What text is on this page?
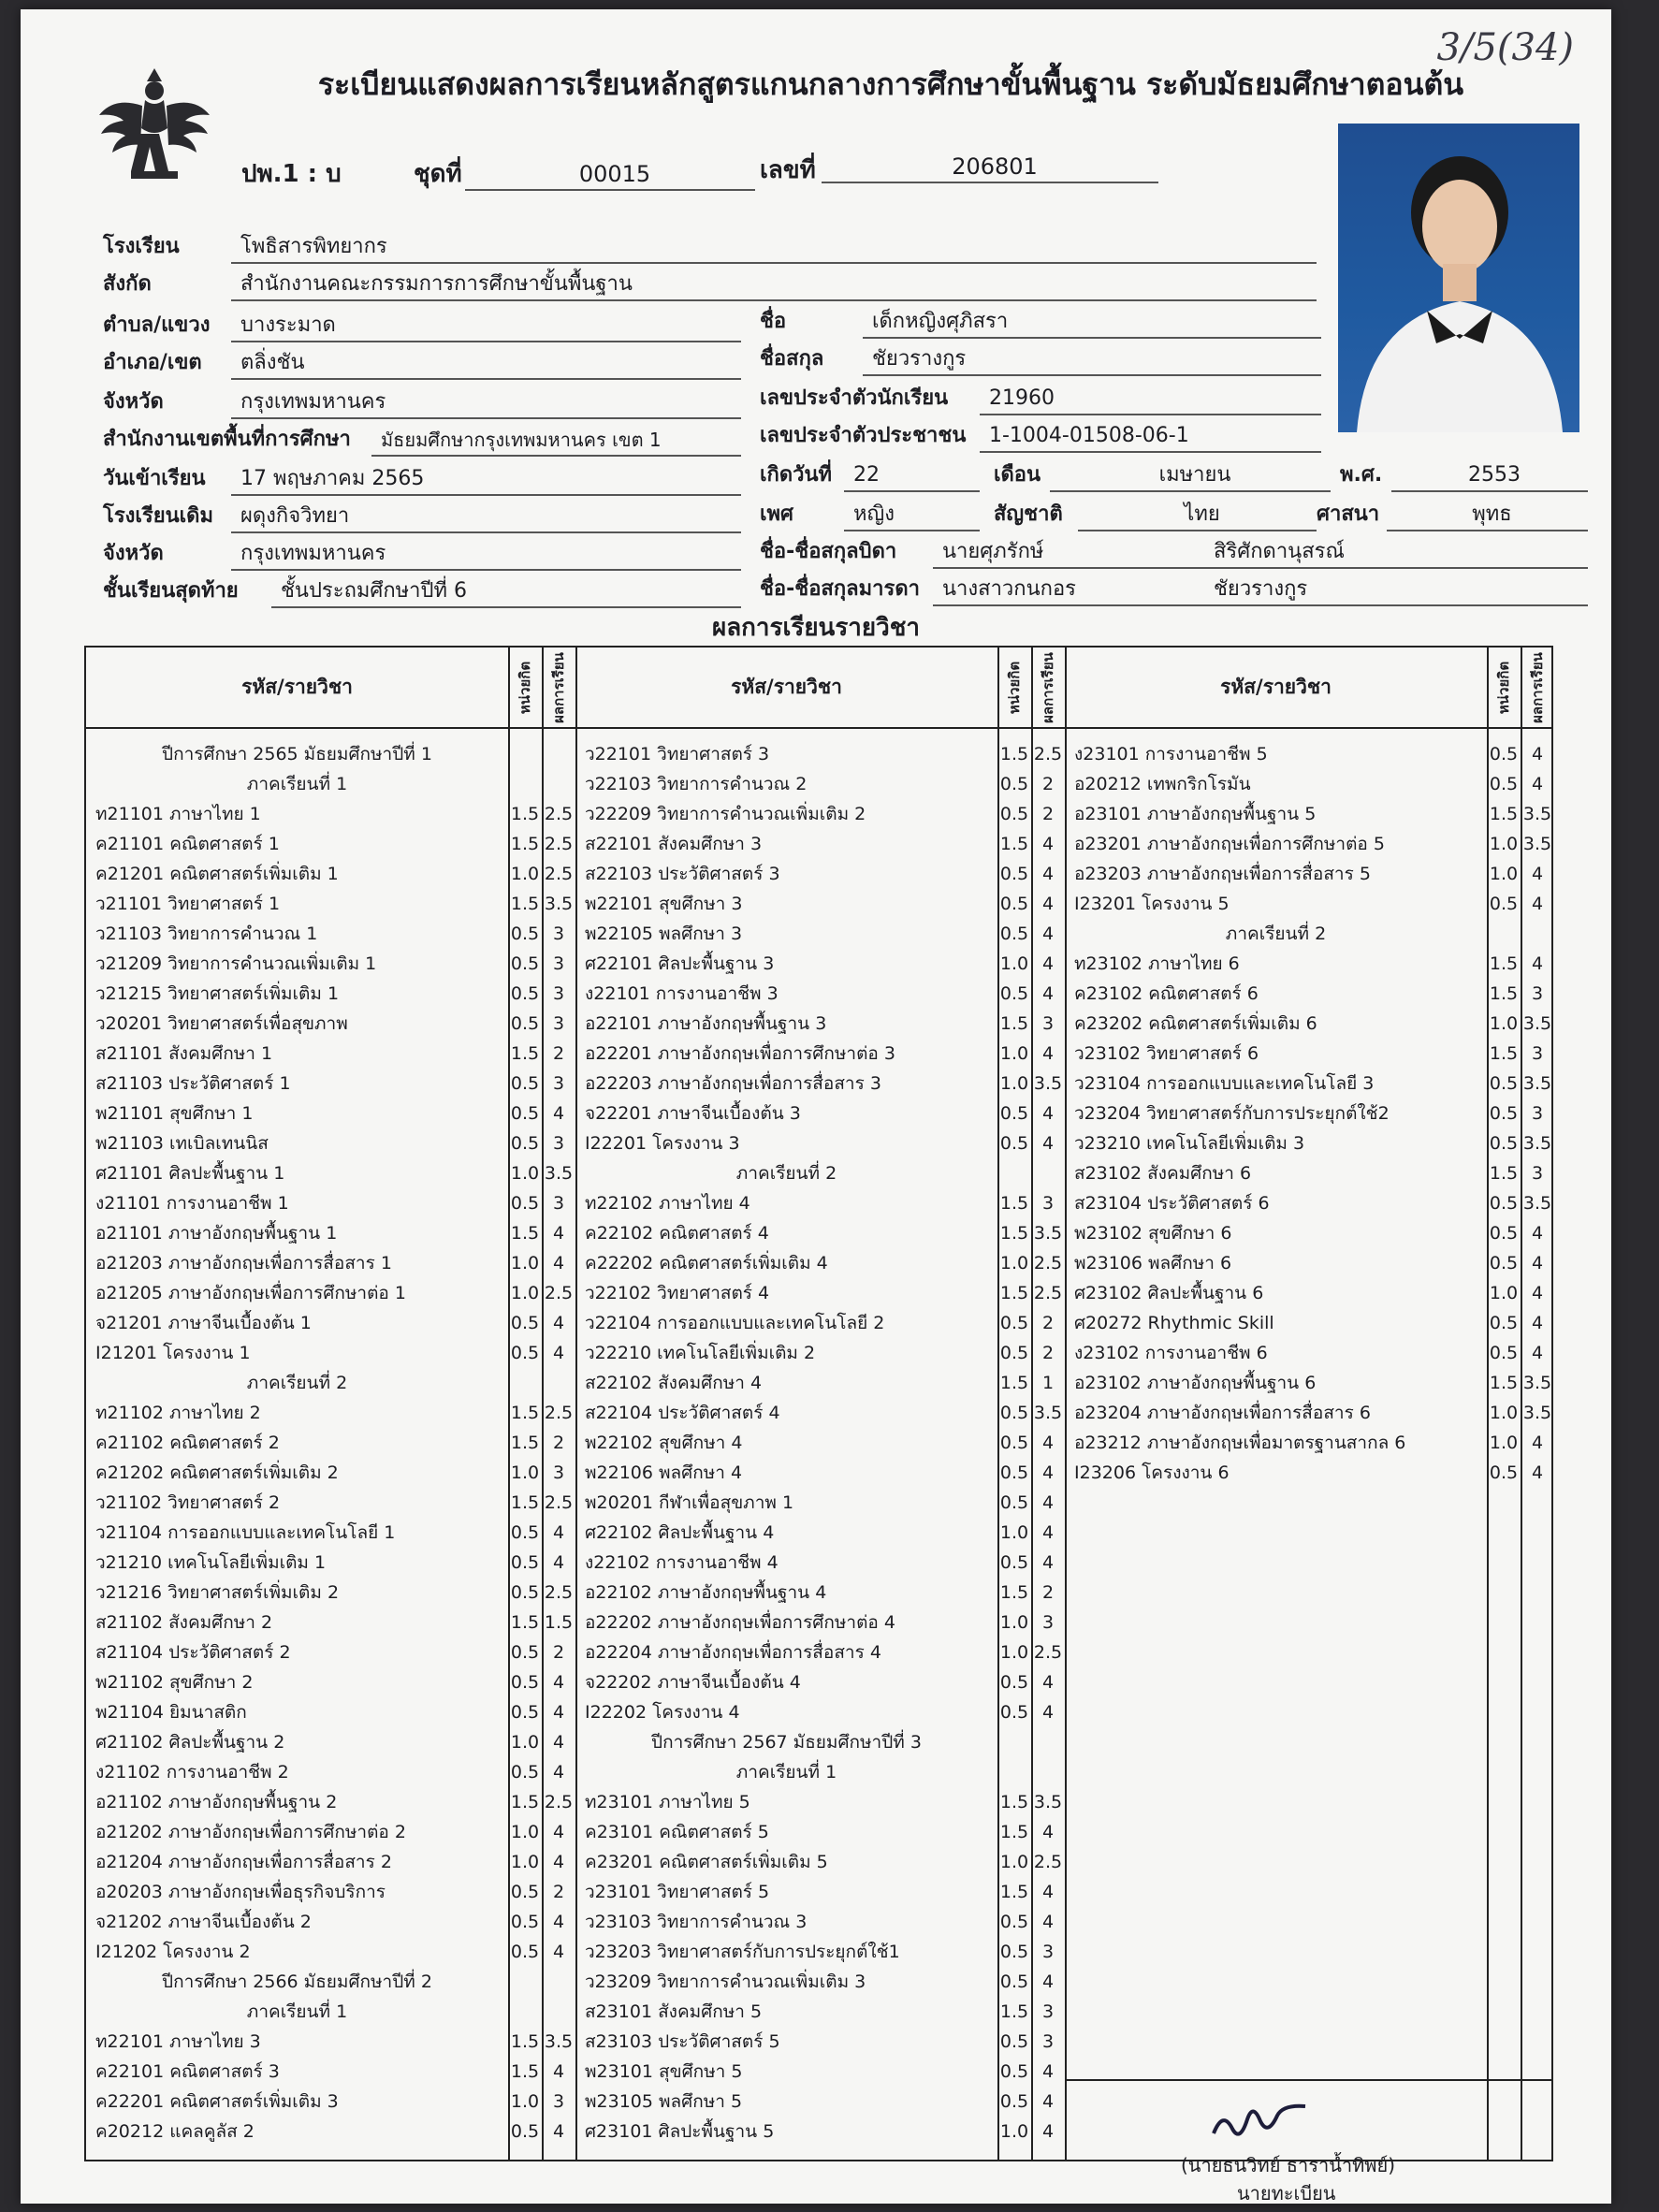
3/5(34)
ระเบียนแสดงผลการเรียนหลักสูตรแกนกลางการศึกษาขั้นพื้นฐาน ระดับมัธยมศึกษาตอนต้น
ปพ.1 : บ	ชุดที่	00015	เลขที่	206801
โรงเรียน	โพธิสารพิทยากร
สังกัด	สำนักงานคณะกรรมการการศึกษาขั้นพื้นฐาน
ตำบล/แขวง	บางระมาด
อำเภอ/เขต	ตลิ่งชัน
จังหวัด	กรุงเทพมหานคร
สำนักงานเขตพื้นที่การศึกษา	มัธยมศึกษากรุงเทพมหานคร เขต 1
วันเข้าเรียน	17 พฤษภาคม 2565
โรงเรียนเดิม	ผดุงกิจวิทยา
จังหวัด	กรุงเทพมหานคร
ชั้นเรียนสุดท้าย	ชั้นประถมศึกษาปีที่ 6
ชื่อ	เด็กหญิงศุภิสรา
ชื่อสกุล	ชัยวรางกูร
เลขประจำตัวนักเรียน	21960
เลขประจำตัวประชาชน	1-1004-01508-06-1
เกิดวันที่	22	เดือน	เมษายน	พ.ศ.	2553
เพศ	หญิง	สัญชาติ	ไทย	ศาสนา	พุทธ
ชื่อ-ชื่อสกุลบิดา	นายศุภรักษ์	สิริศักดานุสรณ์
ชื่อ-ชื่อสกุลมารดา	นางสาวกนกอร	ชัยวรางกูร
ผลการเรียนรายวิชา
รหัส/รายวิชา	หน่วยกิต ผลการเรียน
ปีการศึกษา 2565 มัธยมศึกษาปีที่ 1
ภาคเรียนที่ 1
ท21101 ภาษาไทย 1	1.5 2.5
ค21101 คณิตศาสตร์ 1	1.5 2.5
ค21201 คณิตศาสตร์เพิ่มเติม 1	1.0 2.5
ว21101 วิทยาศาสตร์ 1	1.5 3.5
ว21103 วิทยาการคำนวณ 1	0.5 3
ว21209 วิทยาการคำนวณเพิ่มเติม 1	0.5 3
ว21215 วิทยาศาสตร์เพิ่มเติม 1	0.5 3
ว20201 วิทยาศาสตร์เพื่อสุขภาพ	0.5 3
ส21101 สังคมศึกษา 1	1.5 2
ส21103 ประวัติศาสตร์ 1	0.5 3
พ21101 สุขศึกษา 1	0.5 4
พ21103 เทเบิลเทนนิส	0.5 3
ศ21101 ศิลปะพื้นฐาน 1	1.0 3.5
ง21101 การงานอาชีพ 1	0.5 3
อ21101 ภาษาอังกฤษพื้นฐาน 1	1.5 4
อ21203 ภาษาอังกฤษเพื่อการสื่อสาร 1	1.0 4
อ21205 ภาษาอังกฤษเพื่อการศึกษาต่อ 1	1.0 2.5
จ21201 ภาษาจีนเบื้องต้น 1	0.5 4
I21201 โครงงาน 1	0.5 4
ภาคเรียนที่ 2
ท21102 ภาษาไทย 2	1.5 2.5
ค21102 คณิตศาสตร์ 2	1.5 2
ค21202 คณิตศาสตร์เพิ่มเติม 2	1.0 3
ว21102 วิทยาศาสตร์ 2	1.5 2.5
ว21104 การออกแบบและเทคโนโลยี 1	0.5 4
ว21210 เทคโนโลยีเพิ่มเติม 1	0.5 4
ว21216 วิทยาศาสตร์เพิ่มเติม 2	0.5 2.5
ส21102 สังคมศึกษา 2	1.5 1.5
ส21104 ประวัติศาสตร์ 2	0.5 2
พ21102 สุขศึกษา 2	0.5 4
พ21104 ยิมนาสติก	0.5 4
ศ21102 ศิลปะพื้นฐาน 2	1.0 4
ง21102 การงานอาชีพ 2	0.5 4
อ21102 ภาษาอังกฤษพื้นฐาน 2	1.5 2.5
อ21202 ภาษาอังกฤษเพื่อการศึกษาต่อ 2	1.0 4
อ21204 ภาษาอังกฤษเพื่อการสื่อสาร 2	1.0 4
อ20203 ภาษาอังกฤษเพื่อธุรกิจบริการ	0.5 2
จ21202 ภาษาจีนเบื้องต้น 2	0.5 4
I21202 โครงงาน 2	0.5 4
ปีการศึกษา 2566 มัธยมศึกษาปีที่ 2
ภาคเรียนที่ 1
ท22101 ภาษาไทย 3	1.5 3.5
ค22101 คณิตศาสตร์ 3	1.5 4
ค22201 คณิตศาสตร์เพิ่มเติม 3	1.0 3
ค20212 แคลคูลัส 2	0.5 4
รหัส/รายวิชา	หน่วยกิต ผลการเรียน
ว22101 วิทยาศาสตร์ 3	1.5 2.5
ว22103 วิทยาการคำนวณ 2	0.5 2
ว22209 วิทยาการคำนวณเพิ่มเติม 2	0.5 2
ส22101 สังคมศึกษา 3	1.5 4
ส22103 ประวัติศาสตร์ 3	0.5 4
พ22101 สุขศึกษา 3	0.5 4
พ22105 พลศึกษา 3	0.5 4
ศ22101 ศิลปะพื้นฐาน 3	1.0 4
ง22101 การงานอาชีพ 3	0.5 4
อ22101 ภาษาอังกฤษพื้นฐาน 3	1.5 3
อ22201 ภาษาอังกฤษเพื่อการศึกษาต่อ 3	1.0 4
อ22203 ภาษาอังกฤษเพื่อการสื่อสาร 3	1.0 3.5
จ22201 ภาษาจีนเบื้องต้น 3	0.5 4
I22201 โครงงาน 3	0.5 4
ภาคเรียนที่ 2
ท22102 ภาษาไทย 4	1.5 3
ค22102 คณิตศาสตร์ 4	1.5 3.5
ค22202 คณิตศาสตร์เพิ่มเติม 4	1.0 2.5
ว22102 วิทยาศาสตร์ 4	1.5 2.5
ว22104 การออกแบบและเทคโนโลยี 2	0.5 2
ว22210 เทคโนโลยีเพิ่มเติม 2	0.5 2
ส22102 สังคมศึกษา 4	1.5 1
ส22104 ประวัติศาสตร์ 4	0.5 3.5
พ22102 สุขศึกษา 4	0.5 4
พ22106 พลศึกษา 4	0.5 4
พ20201 กีฬาเพื่อสุขภาพ 1	0.5 4
ศ22102 ศิลปะพื้นฐาน 4	1.0 4
ง22102 การงานอาชีพ 4	0.5 4
อ22102 ภาษาอังกฤษพื้นฐาน 4	1.5 2
อ22202 ภาษาอังกฤษเพื่อการศึกษาต่อ 4	1.0 3
อ22204 ภาษาอังกฤษเพื่อการสื่อสาร 4	1.0 2.5
จ22202 ภาษาจีนเบื้องต้น 4	0.5 4
I22202 โครงงาน 4	0.5 4
ปีการศึกษา 2567 มัธยมศึกษาปีที่ 3
ภาคเรียนที่ 1
ท23101 ภาษาไทย 5	1.5 3.5
ค23101 คณิตศาสตร์ 5	1.5 4
ค23201 คณิตศาสตร์เพิ่มเติม 5	1.0 2.5
ว23101 วิทยาศาสตร์ 5	1.5 4
ว23103 วิทยาการคำนวณ 3	0.5 4
ว23203 วิทยาศาสตร์กับการประยุกต์ใช้1	0.5 3
ว23209 วิทยาการคำนวณเพิ่มเติม 3	0.5 4
ส23101 สังคมศึกษา 5	1.5 3
ส23103 ประวัติศาสตร์ 5	0.5 3
พ23101 สุขศึกษา 5	0.5 4
พ23105 พลศึกษา 5	0.5 4
ศ23101 ศิลปะพื้นฐาน 5	1.0 4
รหัส/รายวิชา	หน่วยกิต ผลการเรียน
ง23101 การงานอาชีพ 5	0.5 4
อ20212 เทพกริกโรมัน	0.5 4
อ23101 ภาษาอังกฤษพื้นฐาน 5	1.5 3.5
อ23201 ภาษาอังกฤษเพื่อการศึกษาต่อ 5	1.0 3.5
อ23203 ภาษาอังกฤษเพื่อการสื่อสาร 5	1.0 4
I23201 โครงงาน 5	0.5 4
ภาคเรียนที่ 2
ท23102 ภาษาไทย 6	1.5 4
ค23102 คณิตศาสตร์ 6	1.5 3
ค23202 คณิตศาสตร์เพิ่มเติม 6	1.0 3.5
ว23102 วิทยาศาสตร์ 6	1.5 3
ว23104 การออกแบบและเทคโนโลยี 3	0.5 3.5
ว23204 วิทยาศาสตร์กับการประยุกต์ใช้2	0.5 3
ว23210 เทคโนโลยีเพิ่มเติม 3	0.5 3.5
ส23102 สังคมศึกษา 6	1.5 3
ส23104 ประวัติศาสตร์ 6	0.5 3.5
พ23102 สุขศึกษา 6	0.5 4
พ23106 พลศึกษา 6	0.5 4
ศ23102 ศิลปะพื้นฐาน 6	1.0 4
ศ20272 Rhythmic Skill	0.5 4
ง23102 การงานอาชีพ 6	0.5 4
อ23102 ภาษาอังกฤษพื้นฐาน 6	1.5 3.5
อ23204 ภาษาอังกฤษเพื่อการสื่อสาร 6	1.0 3.5
อ23212 ภาษาอังกฤษเพื่อมาตรฐานสากล 6	1.0 4
I23206 โครงงาน 6	0.5 4
(นายธนวิทย์ ธาราน้ำทิพย์)
นายทะเบียน
